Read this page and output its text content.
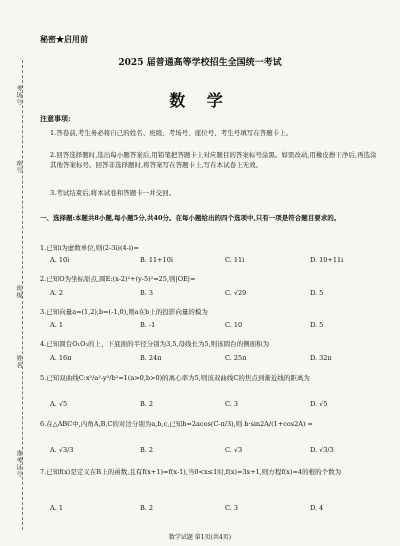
考场号
座号
班级
姓名
准考证号
秘密★启用前
2025 届普通高等学校招生全国统一考试
数 学
注意事项:
1.答卷前,考生务必将自己的姓名、班级、考场号、座位号、考生号填写在答题卡上。
2.回答选择题时,选出每小题答案后,用铅笔把答题卡上对应题目的答案标号涂黑。如需改动,用橡皮擦干净后,再选涂其他答案标号。回答非选择题时,将答案写在答题卡上,写在本试卷上无效。
3.考试结束后,将本试卷和答题卡一并交回。
一、选择题:本题共8小题,每小题5分,共40分。在每小题给出的四个选项中,只有一项是符合题目要求的。
1.已知i为虚数单位,则(2-3i)(4-i)=
A. 10i	B. 11+10i	C. 11i	D. 10+11i
2.已知O为坐标原点,圆E:(x-2)²+(y-5)²=25,则|OE|=
A. 2	B. 3	C. √29	D. 5
3.已知向量a=(1,2),b=(-1,0),则a在b上的投影向量的模为
A. 1	B. -1	C. 10	D. 5
4.已知圆台O₁O₂的上、下底面的半径分别为3,5,母线长为5,则该圆台的侧面积为
A. 16π	B. 24π	C. 25π	D. 32π
5.已知双曲线C:x²/a²-y²/b²=1(a>0,b>0)的离心率为5,则该双曲线C的焦点到渐近线的距离为
A. √5	B. 2	C. 3	D. √5
6.在△ABC中,内角A,B,C的对边分别为a,b,c,已知b=2acos(C-π/3),则 b·sin2A/(1+cos2A) =
A. √3/3	B. 2	C. √3	D. √3/3
7.已知f(x)是定义在R上的函数,且有f(x+1)=f(x-1),当0<x≤1时,f(x)=3x+1,则方程f(x)=4的根的个数为
A. 1	B. 2	C. 3	D. 4
数学试题 第1页(共4页)
